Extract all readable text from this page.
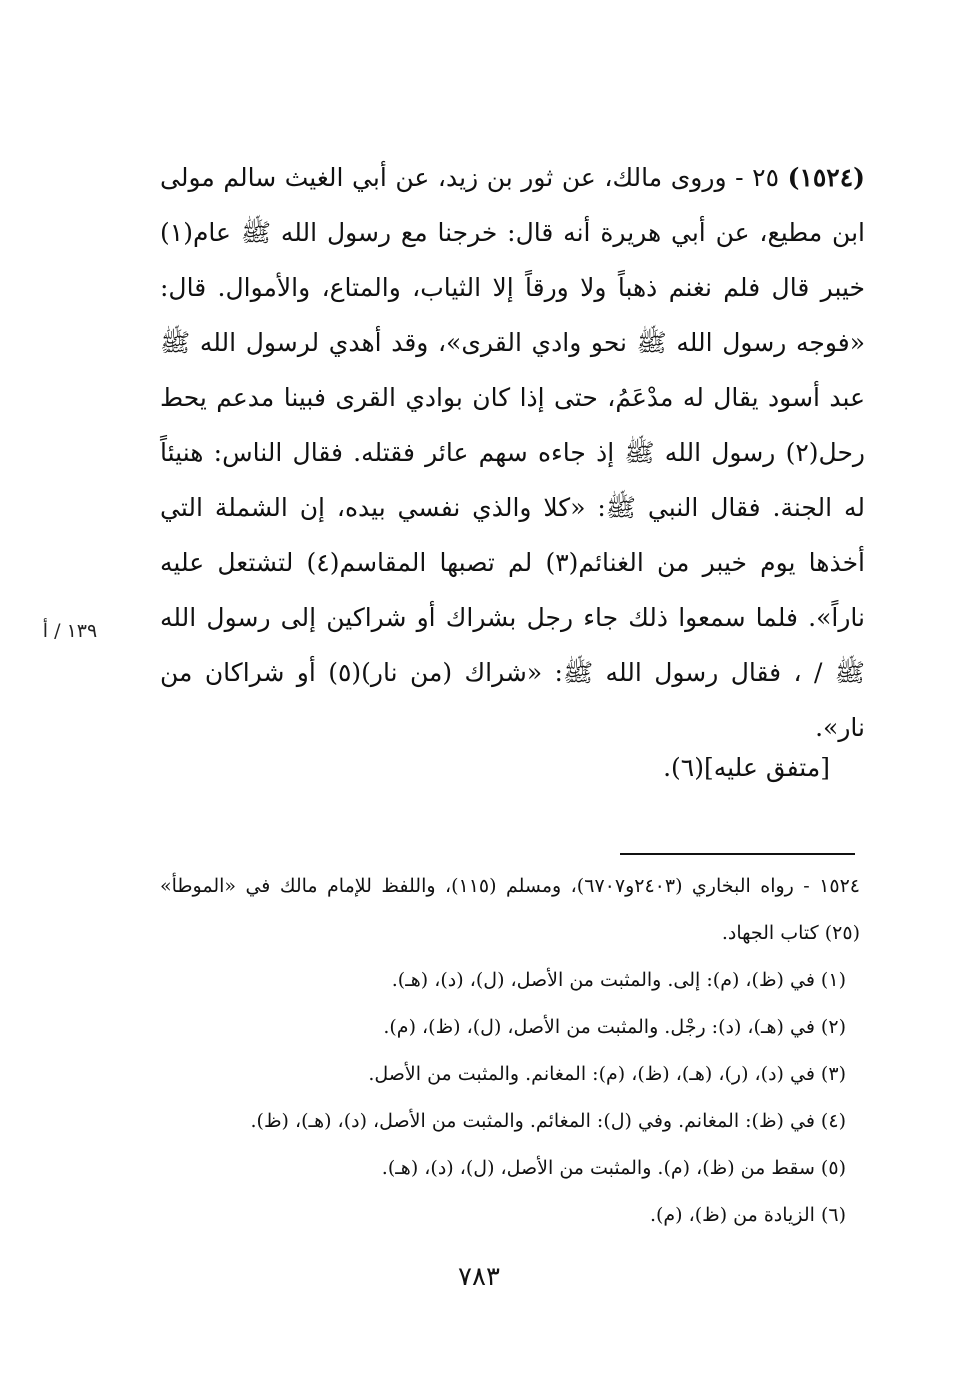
(١٥٢٤) ٢٥ - وروى مالك، عن ثور بن زيد، عن أبي الغيث سالم مولى ابن مطيع، عن أبي هريرة أنه قال: خرجنا مع رسول الله ﷺ عام(١) خيبر قال فلم نغنم ذهباً ولا ورقاً إلا الثياب، والمتاع، والأموال. قال: «فوجه رسول الله ﷺ نحو وادي القرى»، وقد أهدي لرسول الله ﷺ عبد أسود يقال له مدْعَمُ، حتى إذا كان بوادي القرى فبينا مدعم يحط رحل(٢) رسول الله ﷺ إذ جاءه سهم عائر فقتله. فقال الناس: هنيئاً له الجنة. فقال النبي ﷺ: «كلا والذي نفسي بيده، إن الشملة التي أخذها يوم خيبر من الغنائم(٣) لم تصبها المقاسم(٤) لتشتعل عليه ناراً». فلما سمعوا ذلك جاء رجل بشراك أو شراكين إلى رسول الله ﷺ / ، فقال رسول الله ﷺ: «شراك (من نار)(٥) أو شراكان من نار».

١٣٩ / أ
[متفق عليه](٦).
١٥٢٤ - رواه البخاري (٢٤٠٣و٦٧٠٧)، ومسلم (١١٥)، واللفظ للإمام مالك في «الموطأ» (٢٥) كتاب الجهاد.
(١) في (ظ)، (م): إلى. والمثبت من الأصل، (ل)، (د)، (هـ).
(٢) في (هـ)، (د): رجْل. والمثبت من الأصل، (ل)، (ظ)، (م).
(٣) في (د)، (ر)، (هـ)، (ظ)، (م): المغانم. والمثبت من الأصل.
(٤) في (ظ): المغانم. وفي (ل): المغائم. والمثبت من الأصل، (د)، (هـ)، (ظ).
(٥) سقط من (ظ)، (م). والمثبت من الأصل، (ل)، (د)، (هـ).
(٦) الزيادة من (ظ)، (م).
٧٨٣
